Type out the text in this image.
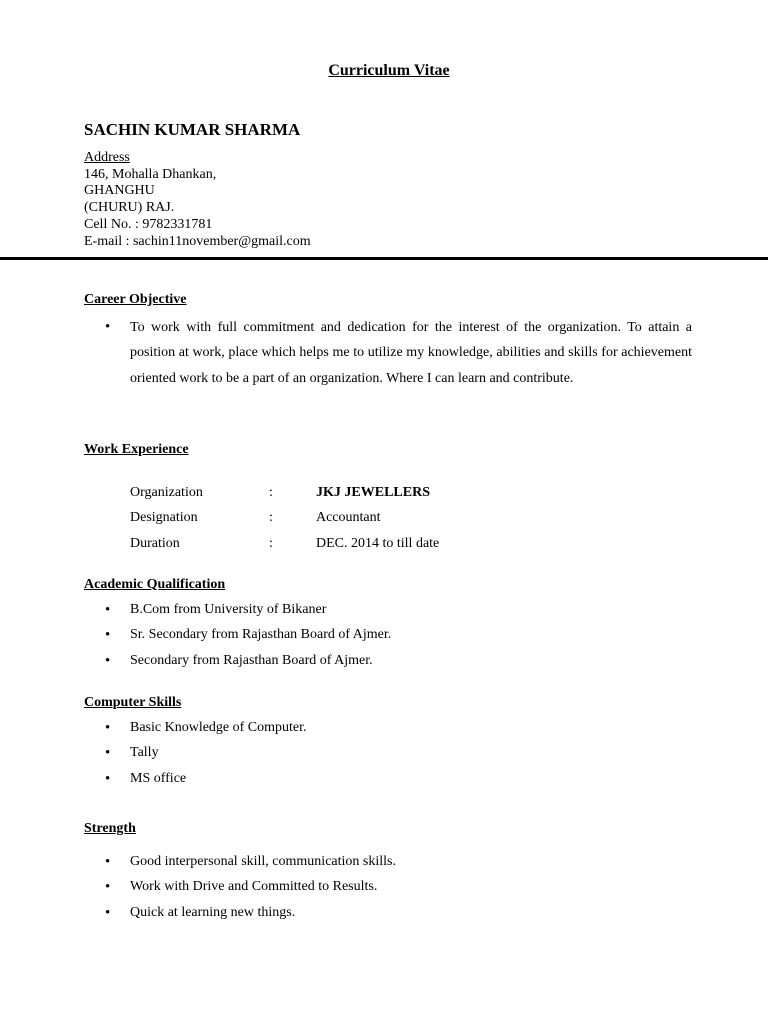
Curriculum Vitae
SACHIN KUMAR SHARMA
Address
146, Mohalla Dhankan,
GHANGHU
(CHURU) RAJ.
Cell No. : 9782331781
E-mail : sachin11november@gmail.com
Career Objective
• To work with full commitment and dedication for the interest of the organization. To attain a position at work, place which helps me to utilize my knowledge, abilities and skills for achievement oriented work to be a part of an organization. Where I can learn and contribute.
Work Experience
Organization	:	JKJ JEWELLERS
Designation	:	Accountant
Duration	:	DEC. 2014 to till date
Academic Qualification
• B.Com from University of Bikaner
• Sr. Secondary from Rajasthan Board of Ajmer.
• Secondary from Rajasthan Board of Ajmer.
Computer Skills
• Basic Knowledge of Computer.
• Tally
• MS office
Strength
• Good interpersonal skill, communication skills.
• Work with Drive and Committed to Results.
• Quick at learning new things.
